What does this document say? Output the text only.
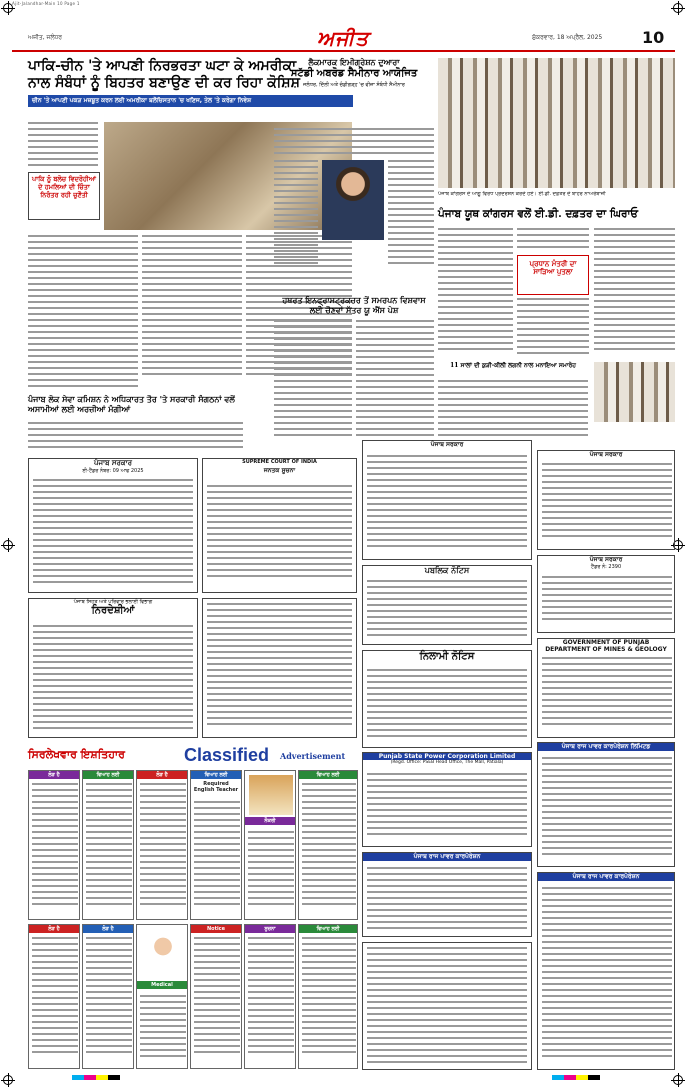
Ajit-Jalandhar-Main 10 Page 1
ਅਜੀਤ, ਜਲੰਧਰ	ਅਜੀਤ	ਸ਼ੁੱਕਰਵਾਰ, 18 ਅਪ੍ਰੈਲ, 2025 10
ਪਾਕਿ-ਚੀਨ 'ਤੇ ਆਪਣੀ ਨਿਰਭਰਤਾ ਘਟਾ ਕੇ ਅਮਰੀਕਾ
ਨਾਲ ਸੰਬੰਧਾਂ ਨੂੰ ਬਿਹਤਰ ਬਣਾਉਣ ਦੀ ਕਰ ਰਿਹਾ ਕੋਸ਼ਿਸ਼
ਚੀਨ 'ਤੇ ਆਪਣੀ ਪਕੜ ਮਜ਼ਬੂਤ ਕਰਨ ਲਈ ਅਮਰੀਕਾ ਬਲੋਚਿਸਤਾਨ 'ਚ ਖਣਿਜ, ਤੇਲ 'ਤੇ ਕਰੇਗਾ ਨਿਵੇਸ਼
ਪਾਕਿ ਨੂੰ ਬਲੋਚ ਵਿਦਰੋਹੀਆਂ ਦੇ ਹਮਲਿਆਂ ਦੀ ਚਿੰਤਾ ਨਿਰੰਤਰ ਰਹੀ ਚੁਣੌਤੀ
ਪੰਜਾਬ ਲੋਕ ਸੇਵਾ ਕਮਿਸ਼ਨ ਨੇ ਅਧਿਕਾਰਤ ਤੌਰ 'ਤੇ ਸਰਕਾਰੀ ਸੰਗਠਨਾਂ ਵਲੋਂ ਅਸਾਮੀਆਂ ਲਈ ਅਰਜ਼ੀਆਂ ਮੰਗੀਆਂ
ਲੈਕਮਾਰਕ ਇਮੀਗ੍ਰੇਸ਼ਨ ਦੁਆਰਾ
ਸਟੱਡੀ ਅਬਰੋਡ ਸੈਮੀਨਾਰ ਆਯੋਜਿਤ
ਜਲੰਧਰ, ਦਿੱਲੀ ਅਤੇ ਚੰਡੀਗੜ੍ਹ 'ਚ ਵੀਜ਼ਾ ਸੰਬੰਧੀ ਸੈਮੀਨਾਰ
ਹਥਰਤ ਇਨਫ੍ਰਾਸਟ੍ਰਕਚਰ ਤੋਂ ਸਮਰਪਨ ਵਿਸ਼ਵਾਸ
ਲਈ ਚੌਣਵਾਂ ਸੱਤਰ ਯੂ ਐਂਸ ਪੇਸ਼
ਪੰਜਾਬ ਕਾਂਗਰਸ ਦੇ ਆਗੂ ਵਿਰੋਧ ਪ੍ਰਦਰਸ਼ਨ ਕਰਦੇ ਹੋਏ। ਈ.ਡੀ. ਦਫ਼ਤਰ ਦੇ ਬਾਹਰ ਨਾਅਰੇਬਾਜ਼ੀ
ਪੰਜਾਬ ਯੂਥ ਕਾਂਗਰਸ ਵਲੋਂ ਈ.ਡੀ. ਦਫ਼ਤਰ ਦਾ ਘਿਰਾਓ
ਪ੍ਰਧਾਨ ਮੰਤਰੀ ਦਾ ਸਾੜਿਆ ਪੁਤਲਾ
11 ਸਾਲਾਂ ਦੀ ਕੁੜੀ-ਕੀਲੀ ਲਗਨੀ ਨਾਲ ਮਨਾਇਆ ਸਮਾਰੋਹ
ਪੰਜਾਬ ਸਰਕਾਰ
ਈ-ਟੈਂਡਰ ਨੰਬਰ: 09 ਆਫ 2025
SUPREME COURT OF INDIA
ਜਨਤਕ ਸੂਚਨਾ
ਪੰਜਾਬ ਸਰਕਾਰ
ਪੰਜਾਬ ਸਰਕਾਰ
ਪੰਜਾਬ ਸਰਕਾਰ
ਟੈਂਡਰ ਨੰ: 2390
ਪੰਜਾਬ ਸਿਹਤ ਅਤੇ ਪਰਿਵਾਰ ਭਲਾਈ ਵਿਭਾਗ
ਨਿਰਦੇਸ਼ੀਆਂ
ਪਬਲਿਕ ਨੋਟਿਸ
ਨਿਲਾਮੀ ਨੋਟਿਸ
GOVERNMENT OF PUNJAB
DEPARTMENT OF MINES & GEOLOGY
ਸਿਰਲੇਖਵਾਰ ਇਸ਼ਤਿਹਾਰ	Classified Advertisement
ਲੋੜ ਹੈ	ਵਿਆਹ ਲਈ	ਲੋੜ ਹੈ	ਵਿਆਹ ਲਈ
Required English Teacher
ਨੌਕਰੀ
ਵਿਆਹ ਲਈ
ਲੋੜ ਹੈ	ਲੋੜ ਹੈ
Medical
Notice	ਸੂਚਨਾ	ਵਿਆਹ ਲਈ
Punjab State Power Corporation Limited
(Regd. Office: PSEB Head Office, The Mall, Patiala)
ਪੰਜਾਬ ਰਾਜ ਪਾਵਰ ਕਾਰਪੋਰੇਸ਼ਨ
ਪੰਜਾਬ ਰਾਜ ਪਾਵਰ ਕਾਰਪੋਰੇਸ਼ਨ ਲਿਮਿਟਡ
ਪੰਜਾਬ ਰਾਜ ਪਾਵਰ ਕਾਰਪੋਰੇਸ਼ਨ
